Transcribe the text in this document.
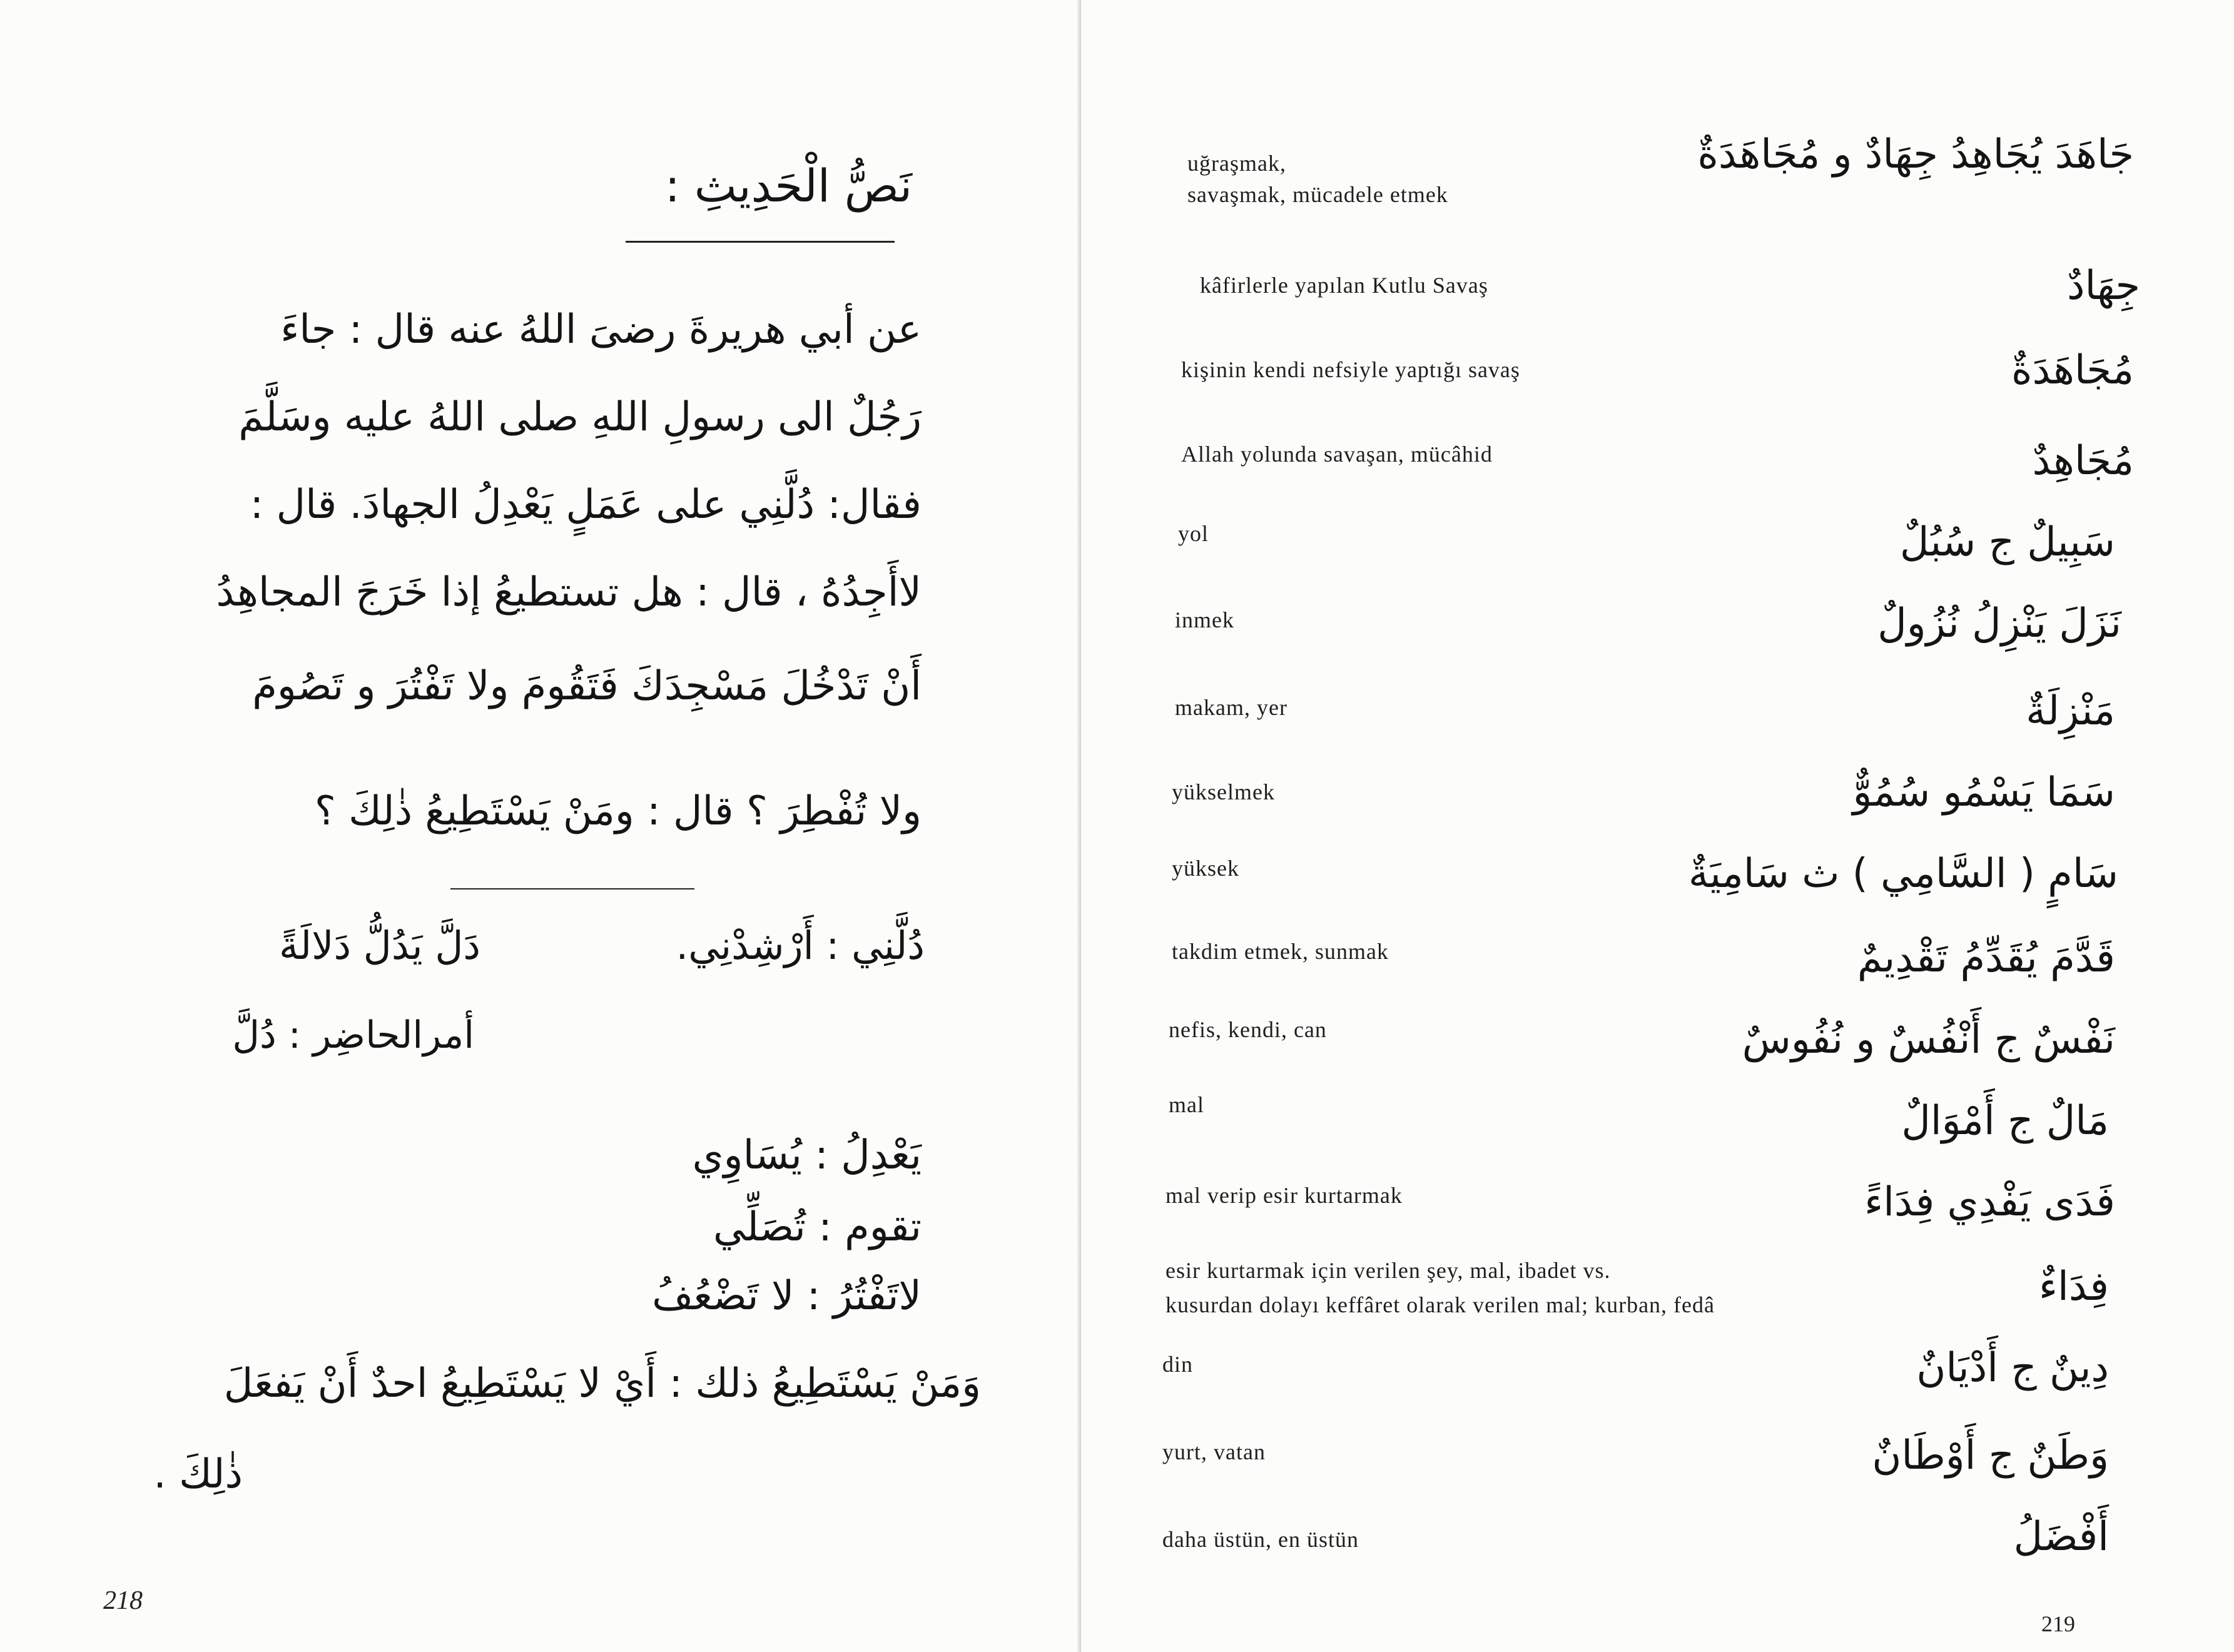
نَصُّ الْحَدِيثِ :
عن أبي هريرةَ رضىَ اللهُ عنه قال : جاءَ
رَجُلٌ الى رسولِ اللهِ صلى اللهُ عليه وسَلَّمَ
فقال: دُلَّنِي على عَمَلٍ يَعْدِلُ الجهادَ. قال :
لاأَجِدُهُ ، قال : هل تستطيعُ إذا خَرَجَ المجاهِدُ
أَنْ تَدْخُلَ مَسْجِدَكَ فَتَقُومَ ولا تَفْتُرَ و تَصُومَ
ولا تُفْطِرَ ؟ قال : ومَنْ يَسْتَطِيعُ ذٰلِكَ ؟
دُلَّنِي : أَرْشِدْنِي.
دَلَّ يَدُلُّ دَلالَةً
أمرالحاضِر : دُلَّ
يَعْدِلُ : يُسَاوِي
تقوم : تُصَلِّي
لاتَفْتُرُ : لا تَضْعُفُ
وَمَنْ يَسْتَطِيعُ ذلك : أَيْ لا يَسْتَطِيعُ احدٌ أَنْ يَفعَلَ
ذٰلِكَ .
218
uğraşmak,
savaşmak, mücadele etmek
kâfirlerle yapılan Kutlu Savaş
kişinin kendi nefsiyle yaptığı savaş
Allah yolunda savaşan, mücâhid
yol
inmek
makam, yer
yükselmek
yüksek
takdim etmek, sunmak
nefis, kendi, can
mal
mal verip esir kurtarmak
esir kurtarmak için verilen şey, mal, ibadet vs.
kusurdan dolayı keffâret olarak verilen mal; kurban, fedâ
din
yurt, vatan
daha üstün, en üstün
جَاهَدَ يُجَاهِدُ جِهَادٌ و مُجَاهَدَةٌ
جِهَادٌ
مُجَاهَدَةٌ
مُجَاهِدٌ
سَبِيلٌ ج سُبُلٌ
نَزَلَ يَنْزِلُ نُزُولٌ
مَنْزِلَةٌ
سَمَا يَسْمُو سُمُوٌّ
سَامٍ ( السَّامِي ) ث سَامِيَةٌ
قَدَّمَ يُقَدِّمُ تَقْدِيمٌ
نَفْسٌ ج أَنْفُسٌ و نُفُوسٌ
مَالٌ ج أَمْوَالٌ
فَدَى يَفْدِي فِدَاءً
فِدَاءٌ
دِينٌ ج أَدْيَانٌ
وَطَنٌ ج أَوْطَانٌ
أَفْضَلُ
219
